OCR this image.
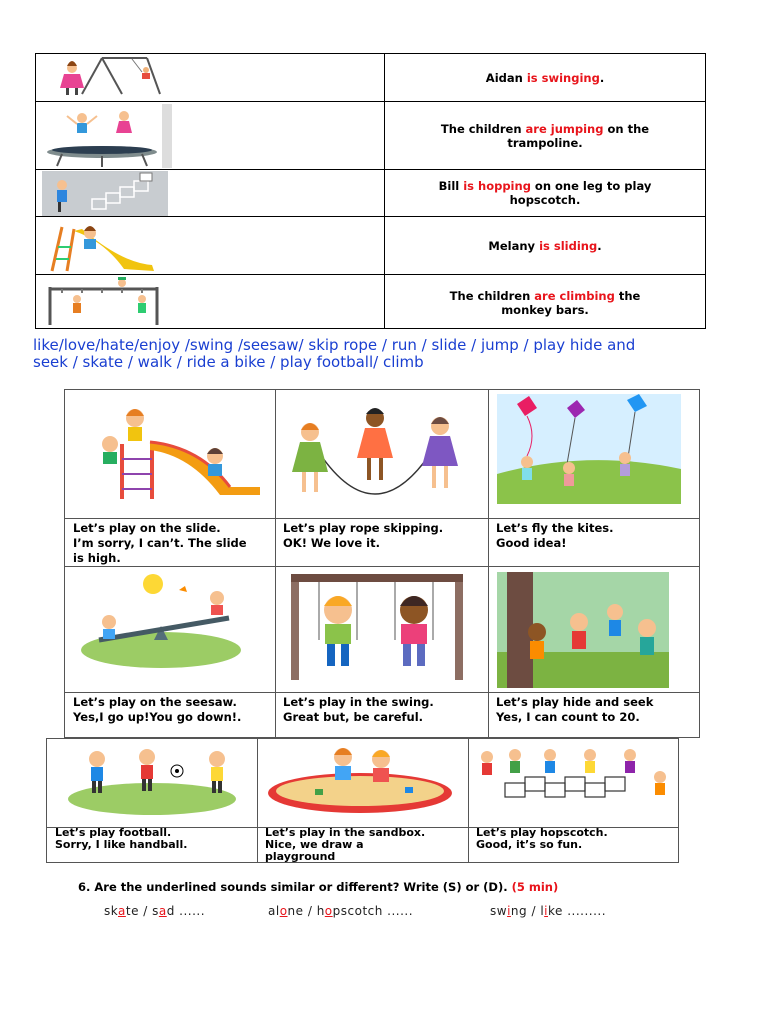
Aidan is swinging.
The children are jumping on the
trampoline.
Bill is hopping on one leg to play
hopscotch.
Melany is sliding.
The children are climbing the
monkey bars.
like/love/hate/enjoy /swing /seesaw/ skip rope / run / slide / jump / play hide and
seek / skate / walk / ride a bike / play football/ climb
Let’s play on the slide.
I’m sorry, I can’t. The slide
is high.
Let’s play rope skipping.
OK! We love it.
Let’s fly the kites.
Good idea!
Let’s play on the seesaw.
Yes,I go up!You go down!.
Let’s play in the swing.
Great but, be careful.
Let’s play hide and seek
Yes, I can count to 20.
Let’s play football.
Sorry, I like handball.
Let’s play in the sandbox.
Nice, we draw a
playground
Let’s play hopscotch.
Good, it’s so fun.
6. Are the underlined sounds similar or different? Write (S) or (D). (5 min)
skate / sad ......	alone / hopscotch ......	swing / like .........
